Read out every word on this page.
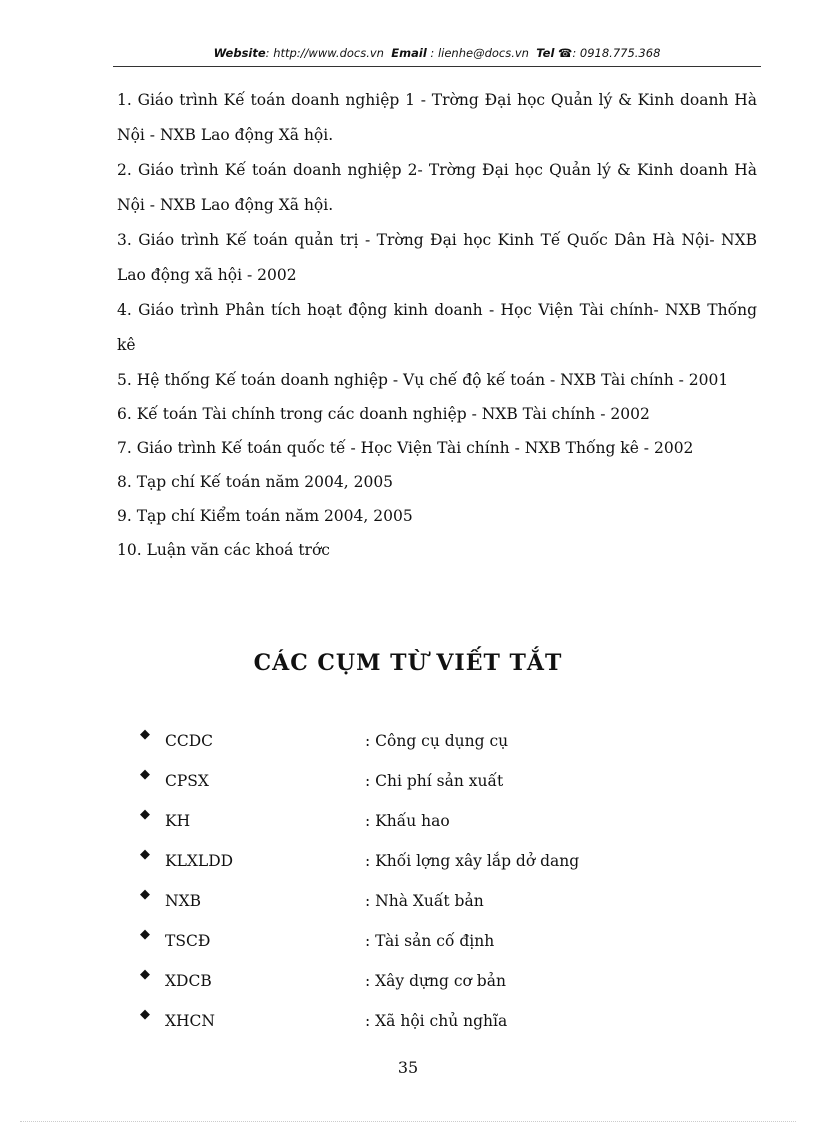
Website: http://www.docs.vn Email : lienhe@docs.vn Tel ☎: 0918.775.368

1. Giáo trình Kế toán doanh nghiệp 1 - Trờng Đại học Quản lý & Kinh doanh Hà Nội - NXB Lao động Xã hội.

2. Giáo trình Kế toán doanh nghiệp 2- Trờng Đại học Quản lý & Kinh doanh Hà Nội - NXB Lao động Xã hội.

3. Giáo trình Kế toán quản trị - Trờng Đại học Kinh Tế Quốc Dân Hà Nội- NXB Lao động xã hội - 2002

4. Giáo trình Phân tích hoạt động kinh doanh - Học Viện Tài chính- NXB Thống kê

5. Hệ thống Kế toán doanh nghiệp - Vụ chế độ kế toán - NXB Tài chính - 2001

6. Kế toán Tài chính trong các doanh nghiệp - NXB Tài chính - 2002

7. Giáo trình Kế toán quốc tế - Học Viện Tài chính - NXB Thống kê - 2002

8. Tạp chí Kế toán năm 2004, 2005

9. Tạp chí Kiểm toán năm 2004, 2005

10. Luận văn các khoá trớc

CÁC CỤM TỪ VIẾT TẮT
◆ CCDC	: Công cụ dụng cụ
◆ CPSX	: Chi phí sản xuất
◆ KH	: Khấu hao
◆ KLXLDD	: Khối lợng xây lắp dở dang
◆ NXB	: Nhà Xuất bản
◆ TSCĐ	: Tài sản cố định
◆ XDCB	: Xây dựng cơ bản
◆ XHCN	: Xã hội chủ nghĩa
35
